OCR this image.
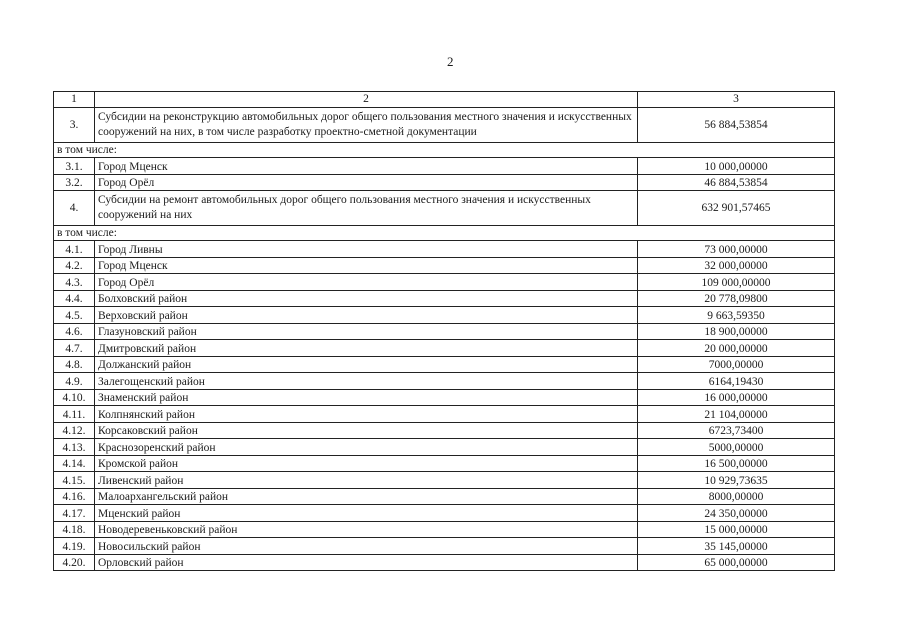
2
1	2	3
3.	Субсидии на реконструкцию автомобильных дорог общего пользования местного значения и искусственных сооружений на них, в том числе разработку проектно-сметной документации	56 884,53854
в том числе:		
3.1.	Город Мценск	10 000,00000
3.2.	Город Орёл	46 884,53854
4.	Субсидии на ремонт автомобильных дорог общего пользования местного значения и искусственных сооружений на них	632 901,57465
в том числе:		
4.1.	Город Ливны	73 000,00000
4.2.	Город Мценск	32 000,00000
4.3.	Город Орёл	109 000,00000
4.4.	Болховский район	20 778,09800
4.5.	Верховский район	9 663,59350
4.6.	Глазуновский район	18 900,00000
4.7.	Дмитровский район	20 000,00000
4.8.	Должанский район	7000,00000
4.9.	Залегощенский район	6164,19430
4.10.	Знаменский район	16 000,00000
4.11.	Колпнянский район	21 104,00000
4.12.	Корсаковский район	6723,73400
4.13.	Краснозоренский район	5000,00000
4.14.	Кромской район	16 500,00000
4.15.	Ливенский район	10 929,73635
4.16.	Малоархангельский район	8000,00000
4.17.	Мценский район	24 350,00000
4.18.	Новодеревеньковский район	15 000,00000
4.19.	Новосильский район	35 145,00000
4.20.	Орловский район	65 000,00000
